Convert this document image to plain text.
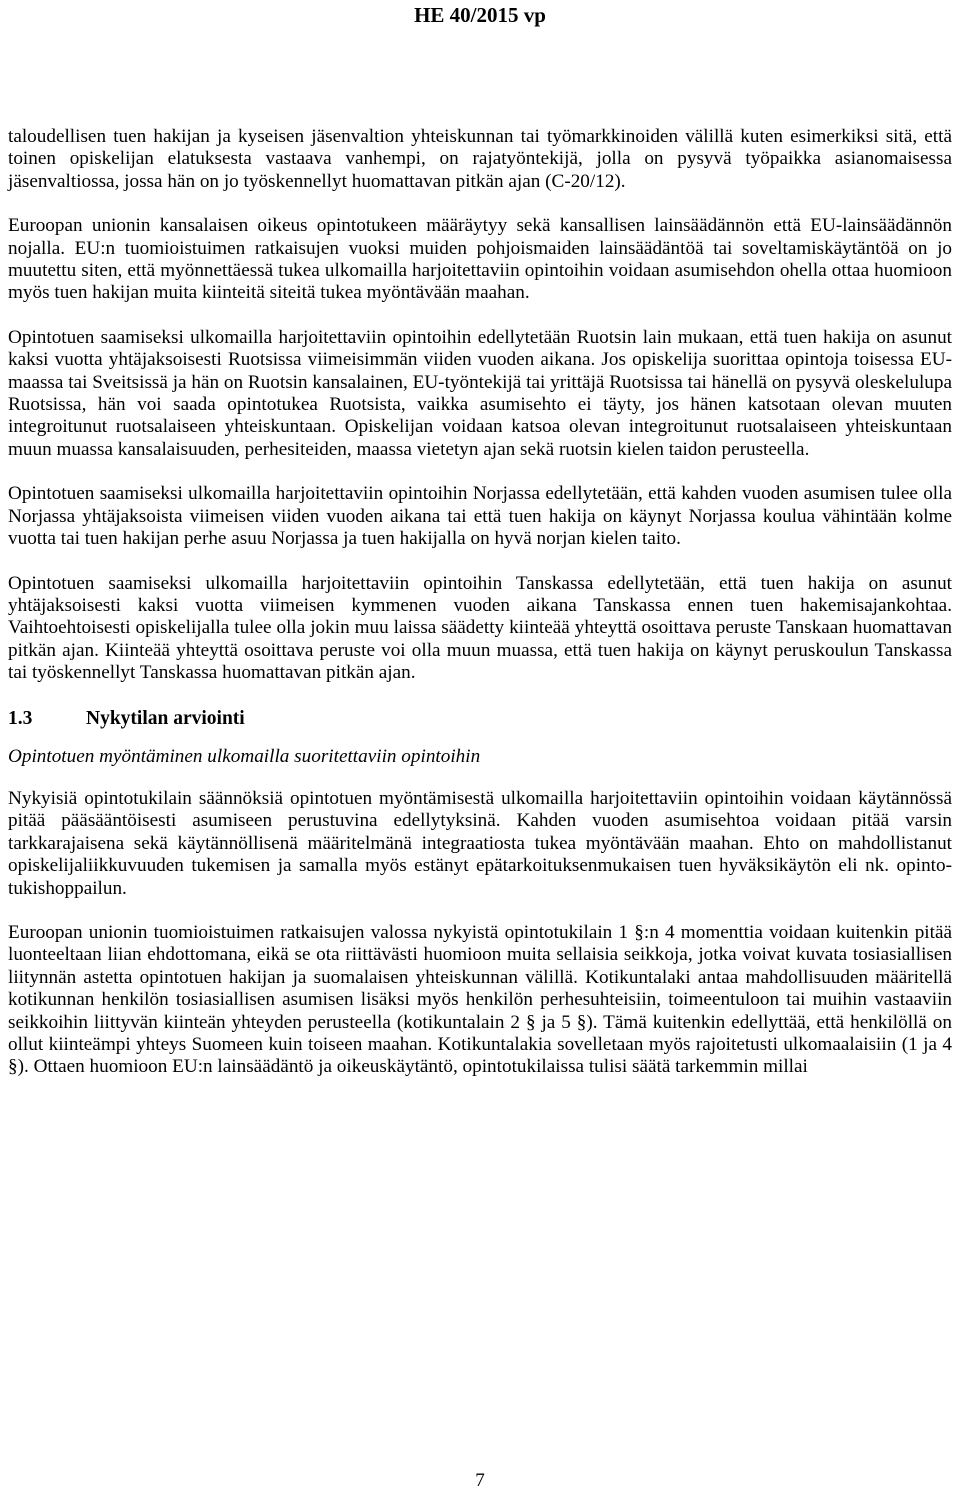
HE 40/2015 vp

taloudellisen tuen hakijan ja kyseisen jäsenvaltion yhteiskunnan tai työmarkkinoiden välillä kuten esimerkiksi sitä, että toinen opiskelijan elatuksesta vastaava vanhempi, on rajatyöntekijä, jolla on pysyvä työpaikka asianomaisessa jäsenvaltiossa, jossa hän on jo työskennellyt huomattavan pitkän ajan (C-20/12).

Euroopan unionin kansalaisen oikeus opintotukeen määräytyy sekä kansallisen lainsäädännön että EU-lainsäädännön nojalla. EU:n tuomioistuimen ratkaisujen vuoksi muiden pohjoismaiden lainsäädäntöä tai soveltamiskäytäntöä on jo muutettu siten, että myönnettäessä tukea ulkomailla harjoitettaviin opintoihin voidaan asumisehdon ohella ottaa huomioon myös tuen hakijan muita kiinteitä siteitä tukea myöntävään maahan.

Opintotuen saamiseksi ulkomailla harjoitettaviin opintoihin edellytetään Ruotsin lain mukaan, että tuen hakija on asunut kaksi vuotta yhtäjaksoisesti Ruotsissa viimeisimmän viiden vuoden aikana. Jos opiskelija suorittaa opintoja toisessa EU-maassa tai Sveitsissä ja hän on Ruotsin kansalainen, EU-työntekijä tai yrittäjä Ruotsissa tai hänellä on pysyvä oleskelulupa Ruotsissa, hän voi saada opintotukea Ruotsista, vaikka asumisehto ei täyty, jos hänen katsotaan olevan muuten integroitunut ruotsalaiseen yhteiskuntaan. Opiskelijan voidaan katsoa olevan integroitunut ruotsalaiseen yhteiskuntaan muun muassa kansalaisuuden, perhesiteiden, maassa vietetyn ajan sekä ruotsin kielen taidon perusteella.

Opintotuen saamiseksi ulkomailla harjoitettaviin opintoihin Norjassa edellytetään, että kahden vuoden asumisen tulee olla Norjassa yhtäjaksoista viimeisen viiden vuoden aikana tai että tuen hakija on käynyt Norjassa koulua vähintään kolme vuotta tai tuen hakijan perhe asuu Norjassa ja tuen hakijalla on hyvä norjan kielen taito.

Opintotuen saamiseksi ulkomailla harjoitettaviin opintoihin Tanskassa edellytetään, että tuen hakija on asunut yhtäjaksoisesti kaksi vuotta viimeisen kymmenen vuoden aikana Tanskassa ennen tuen hakemisajankohtaa. Vaihtoehtoisesti opiskelijalla tulee olla jokin muu laissa säädetty kiinteää yhteyttä osoittava peruste Tanskaan huomattavan pitkän ajan. Kiinteää yhteyttä osoittava peruste voi olla muun muassa, että tuen hakija on käynyt peruskoulun Tanskassa tai työskennellyt Tanskassa huomattavan pitkän ajan.

1.3	Nykytilan arviointi

Opintotuen myöntäminen ulkomailla suoritettaviin opintoihin

Nykyisiä opintotukilain säännöksiä opintotuen myöntämisestä ulkomailla harjoitettaviin opintoihin voidaan käytännössä pitää pääsääntöisesti asumiseen perustuvina edellytyksinä. Kahden vuoden asumisehtoa voidaan pitää varsin tarkkarajaisena sekä käytännöllisenä määritelmänä integraatiosta tukea myöntävään maahan. Ehto on mahdollistanut opiskelijaliikkuvuuden tukemisen ja samalla myös estänyt epätarkoituksenmukaisen tuen hyväksikäytön eli nk. opintotukishoppailun.

Euroopan unionin tuomioistuimen ratkaisujen valossa nykyistä opintotukilain 1 §:n 4 momenttia voidaan kuitenkin pitää luonteeltaan liian ehdottomana, eikä se ota riittävästi huomioon muita sellaisia seikkoja, jotka voivat kuvata tosiasiallisen liitynnän astetta opintotuen hakijan ja suomalaisen yhteiskunnan välillä. Kotikuntalaki antaa mahdollisuuden määritellä kotikunnan henkilön tosiasiallisen asumisen lisäksi myös henkilön perhesuhteisiin, toimeentuloon tai muihin vastaaviin seikkoihin liittyvän kiinteän yhteyden perusteella (kotikuntalain 2 § ja 5 §). Tämä kuitenkin edellyttää, että henkilöllä on ollut kiinteämpi yhteys Suomeen kuin toiseen maahan. Kotikuntalakia sovelletaan myös rajoitetusti ulkomaalaisiin (1 ja 4 §). Ottaen huomioon EU:n lainsäädäntö ja oikeuskäytäntö, opintotukilaissa tulisi säätä tarkemmin millai

7
